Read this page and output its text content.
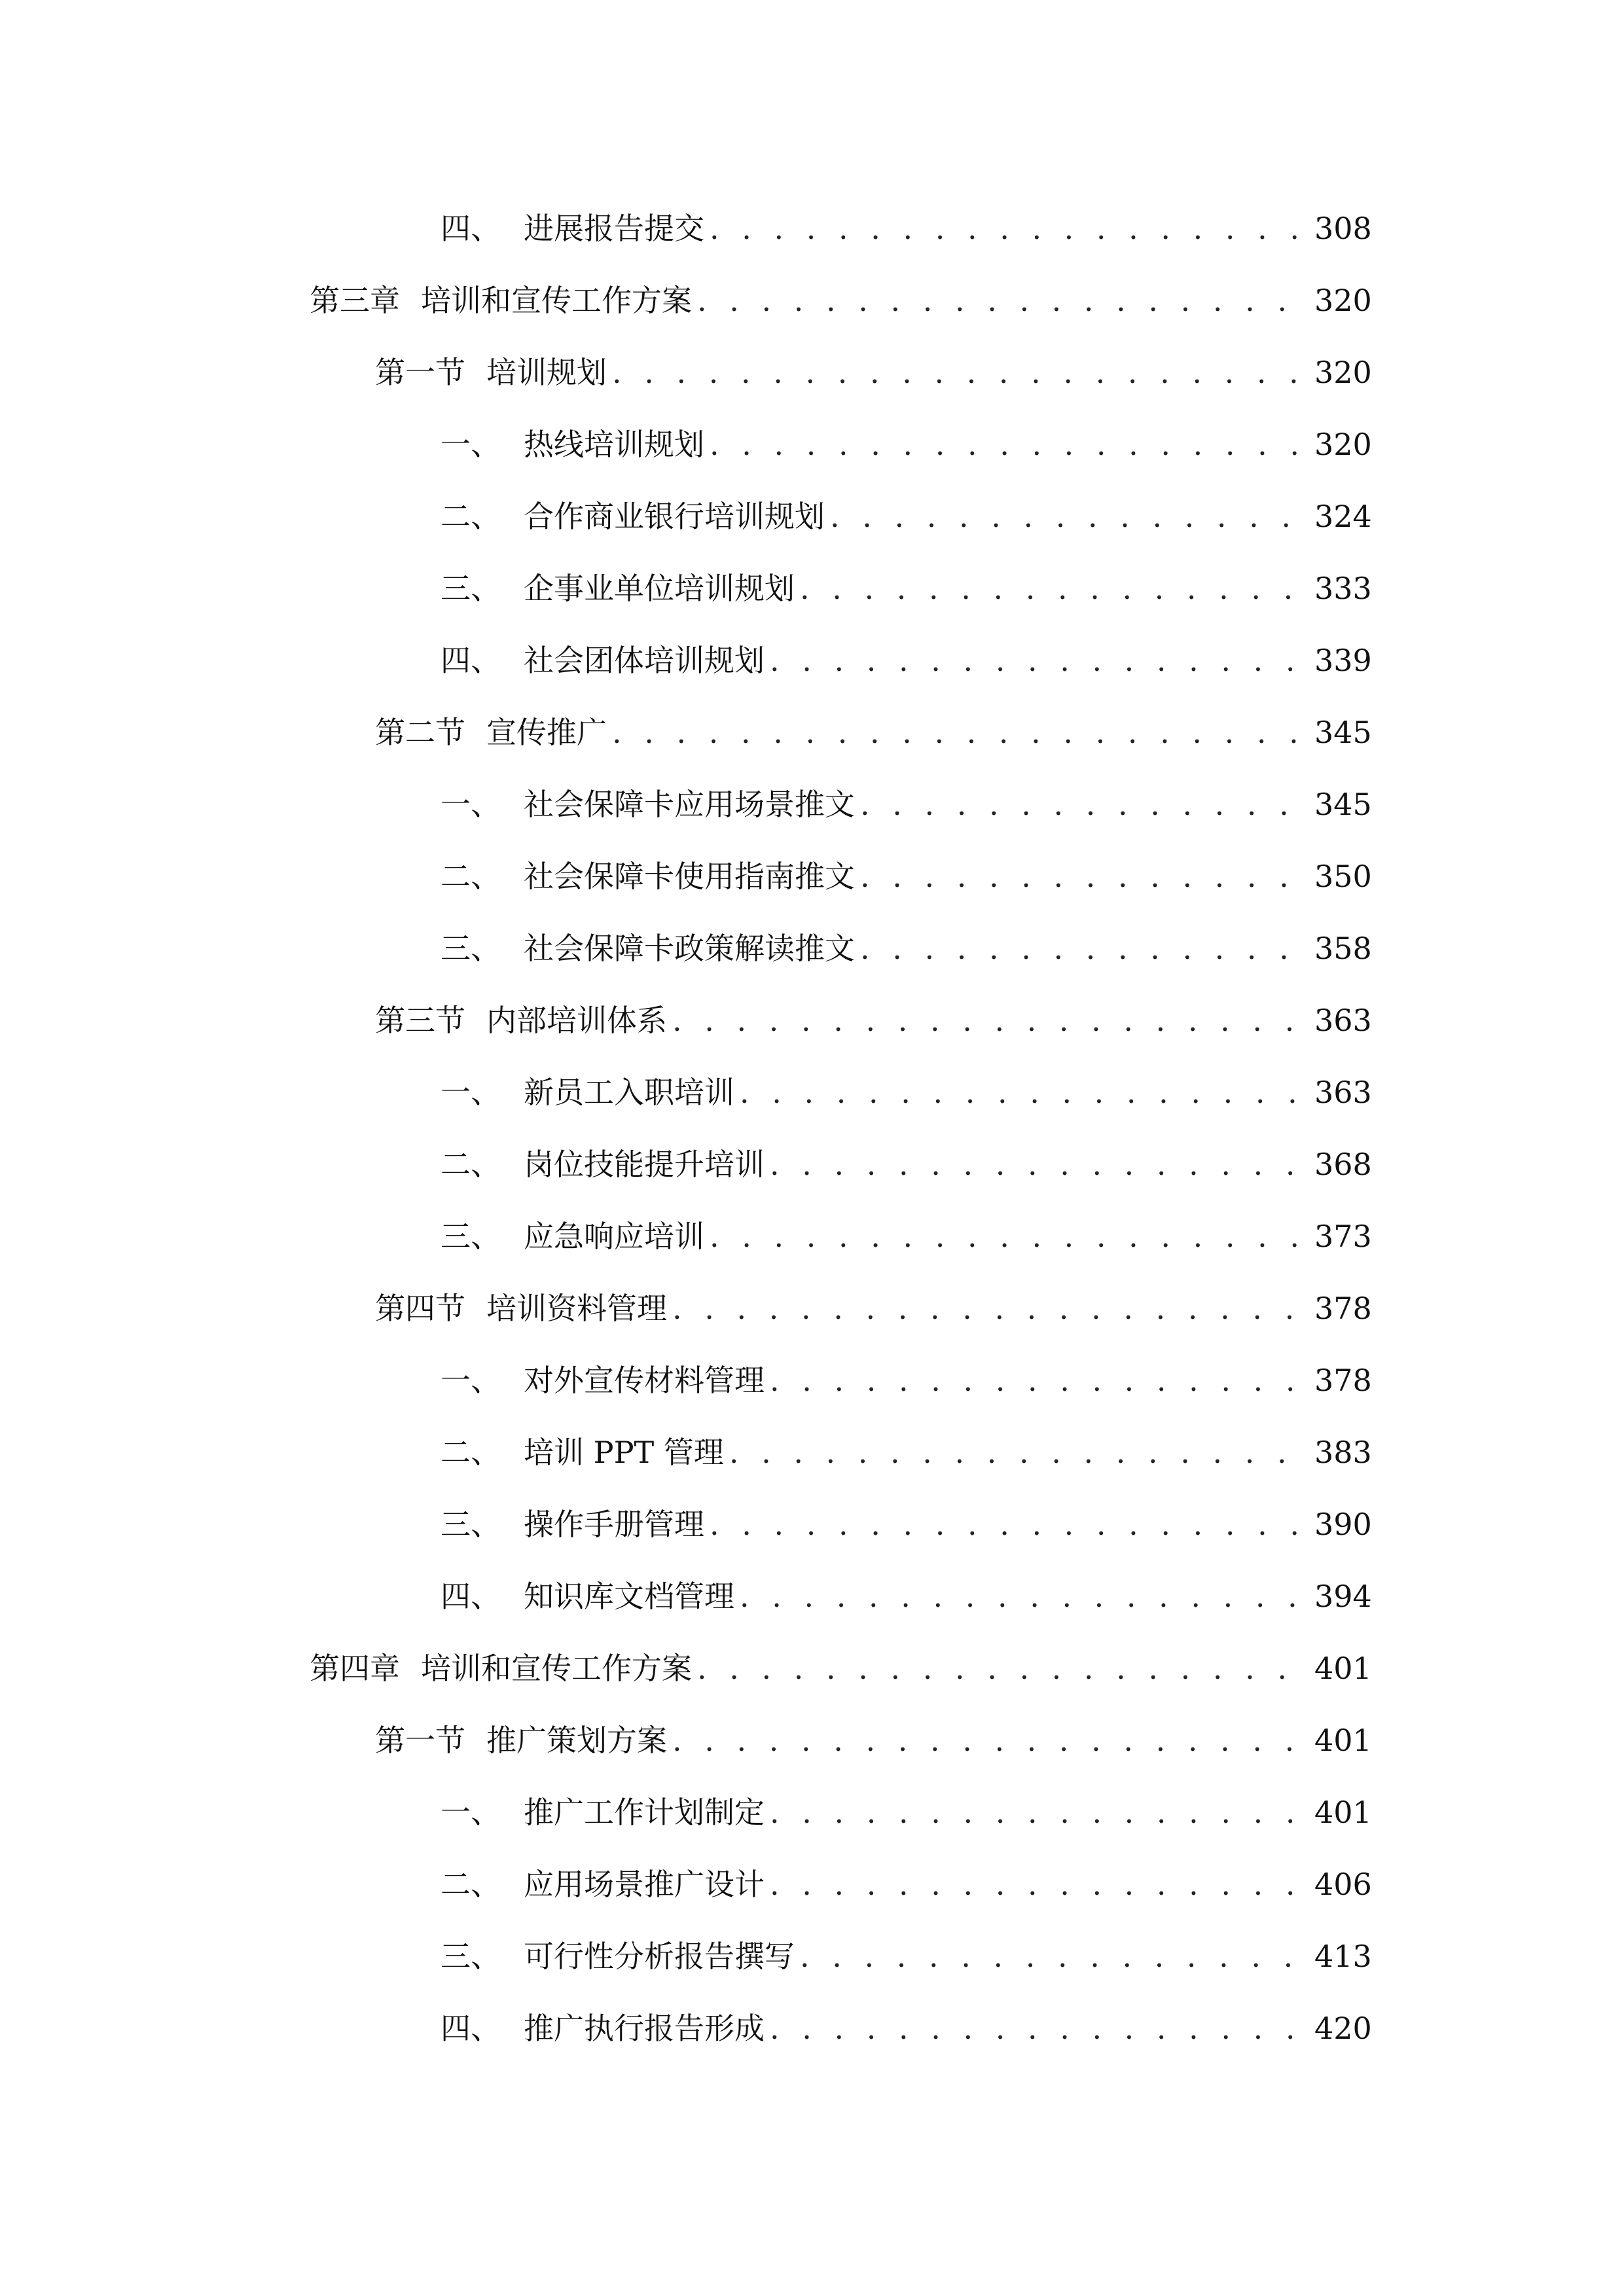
四、 进展报告提交 . . .	308
第三章 培训和宣传工作方案 . . .	320
第一节 培训规划 . . .	320
一、 热线培训规划 . . .	320
二、 合作商业银行培训规划 . . .	324
三、 企事业单位培训规划 . . .	333
四、 社会团体培训规划 . . .	339
第二节 宣传推广 . . .	345
一、 社会保障卡应用场景推文 . . .	345
二、 社会保障卡使用指南推文 . . .	350
三、 社会保障卡政策解读推文 . . .	358
第三节 内部培训体系 . . .	363
一、 新员工入职培训 . . .	363
二、 岗位技能提升培训 . . .	368
三、 应急响应培训 . . .	373
第四节 培训资料管理 . . .	378
一、 对外宣传材料管理 . . .	378
二、 培训 PPT 管理 . . .	383
三、 操作手册管理 . . .	390
四、 知识库文档管理 . . .	394
第四章 培训和宣传工作方案 . . .	401
第一节 推广策划方案 . . .	401
一、 推广工作计划制定 . . .	401
二、 应用场景推广设计 . . .	406
三、 可行性分析报告撰写 . . .	413
四、 推广执行报告形成 . . .	420
